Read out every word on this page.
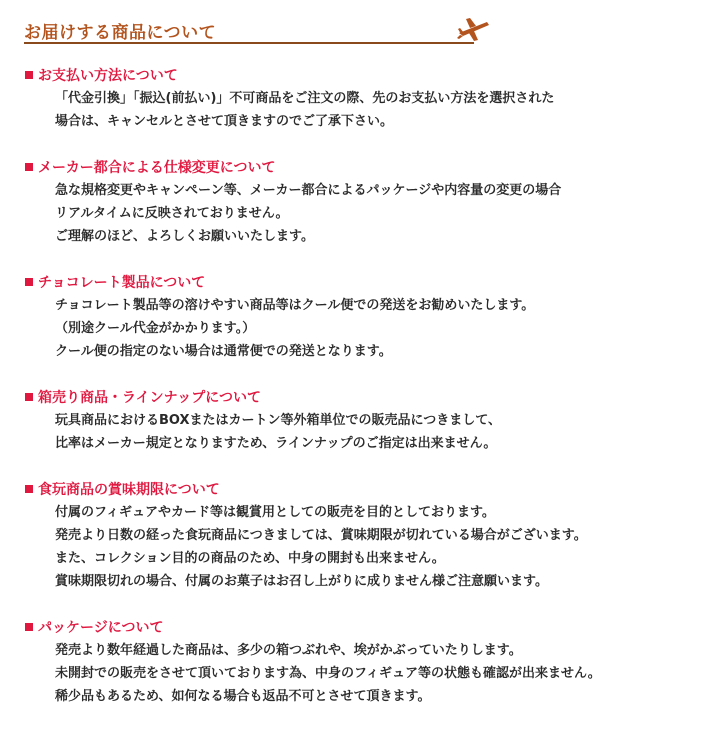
お届けする商品について
お支払い方法について
「代金引換」「振込(前払い)」不可商品をご注文の際、先のお支払い方法を選択された
場合は、キャンセルとさせて頂きますのでご了承下さい。
メーカー都合による仕様変更について
急な規格変更やキャンペーン等、メーカー都合によるパッケージや内容量の変更の場合
リアルタイムに反映されておりません。
ご理解のほど、よろしくお願いいたします。
チョコレート製品について
チョコレート製品等の溶けやすい商品等はクール便での発送をお勧めいたします。
（別途クール代金がかかります。）
クール便の指定のない場合は通常便での発送となります。
箱売り商品・ラインナップについて
玩具商品におけるBOXまたはカートン等外箱単位での販売品につきまして、
比率はメーカー規定となりますため、ラインナップのご指定は出来ません。
食玩商品の賞味期限について
付属のフィギュアやカード等は観賞用としての販売を目的としております。
発売より日数の経った食玩商品につきましては、賞味期限が切れている場合がございます。
また、コレクション目的の商品のため、中身の開封も出来ません。
賞味期限切れの場合、付属のお菓子はお召し上がりに成りません様ご注意願います。
パッケージについて
発売より数年経過した商品は、多少の箱つぶれや、埃がかぶっていたりします。
未開封での販売をさせて頂いております為、中身のフィギュア等の状態も確認が出来ません。
稀少品もあるため、如何なる場合も返品不可とさせて頂きます。
